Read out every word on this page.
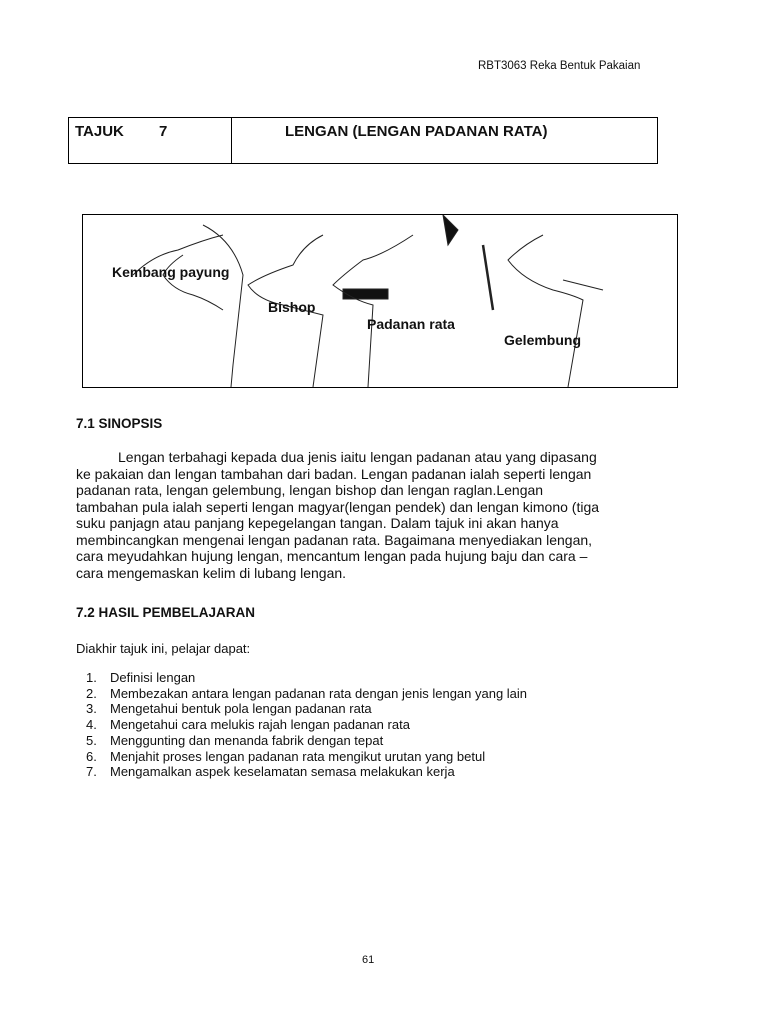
RBT3063 Reka Bentuk Pakaian
TAJUK 7	LENGAN (LENGAN PADANAN RATA)
Kembang payung
Bishop
Padanan rata
Gelembung
7.1 SINOPSIS
Lengan terbahagi kepada dua jenis iaitu lengan padanan atau yang dipasang
ke pakaian dan lengan tambahan dari badan. Lengan padanan ialah seperti lengan
padanan rata, lengan gelembung, lengan bishop dan lengan raglan.Lengan
tambahan pula ialah seperti lengan magyar(lengan pendek) dan lengan kimono (tiga
suku panjagn atau panjang kepegelangan tangan. Dalam tajuk ini akan hanya
membincangkan mengenai lengan padanan rata. Bagaimana menyediakan lengan,
cara meyudahkan hujung lengan, mencantum lengan pada hujung baju dan cara –
cara mengemaskan kelim di lubang lengan.
7.2 HASIL PEMBELAJARAN
Diakhir tajuk ini, pelajar dapat:
1. Definisi lengan
2. Membezakan antara lengan padanan rata dengan jenis lengan yang lain
3. Mengetahui bentuk pola lengan padanan rata
4. Mengetahui cara melukis rajah lengan padanan rata
5. Menggunting dan menanda fabrik dengan tepat
6. Menjahit proses lengan padanan rata mengikut urutan yang betul
7. Mengamalkan aspek keselamatan semasa melakukan kerja
61
